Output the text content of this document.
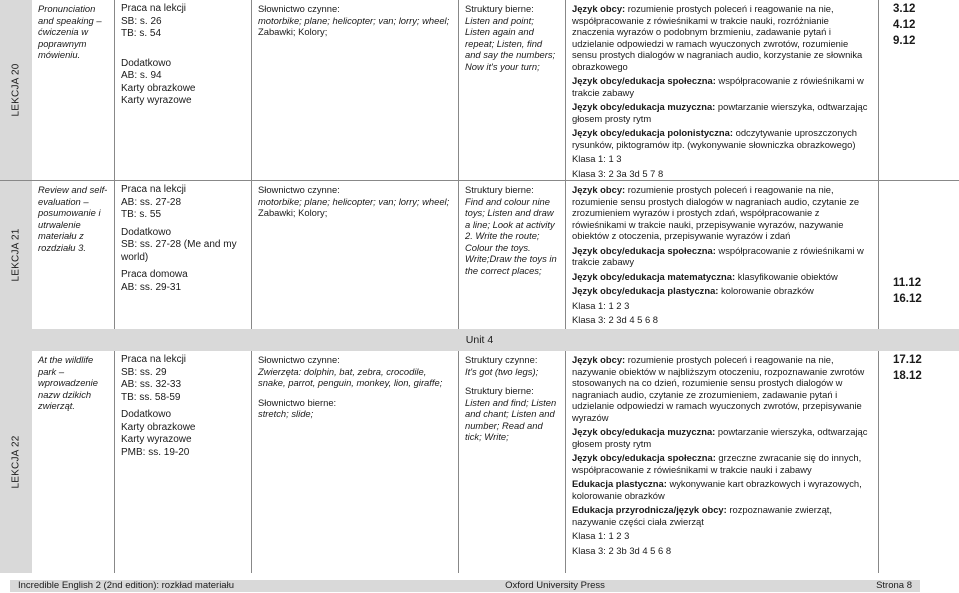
LEKCJA 20
Pronunciation and speaking – ćwiczenia w poprawnym mówieniu.

Praca na lekcji

SB: s. 26

TB: s. 54

Dodatkowo

AB: s. 94

Karty obrazkowe

Karty wyrazowe

Słownictwo czynne:

motorbike; plane; helicopter; van; lorry; wheel;

Zabawki; Kolory;

Struktury bierne:

Listen and point; Listen again and repeat; Listen, find and say the numbers; Now it's your turn;

Język obcy: rozumienie prostych poleceń i reagowanie na nie, współpracowanie z rówieśnikami w trakcie nauki, rozróżnianie znaczenia wyrazów o podobnym brzmieniu, zadawanie pytań i udzielanie odpowiedzi w ramach wyuczonych zwrotów, rozumienie sensu prostych dialogów w nagraniach audio, korzystanie ze słownika obrazkowego

Język obcy/edukacja społeczna: współpracowanie z rówieśnikami w trakcie zabawy

Język obcy/edukacja muzyczna: powtarzanie wierszyka, odtwarzając głosem prosty rytm

Język obcy/edukacja polonistyczna: odczytywanie uproszczonych rysunków, piktogramów itp. (wykonywanie słowniczka obrazkowego)

Klasa 1: 1 3

Klasa 3: 2 3a 3d 5 7 8

3.12

4.12

9.12

LEKCJA 21
Review and self-evaluation – posumowanie i utrwalenie materiału z rozdziału 3.

Praca na lekcji

AB: ss. 27-28

TB: s. 55

Dodatkowo

SB: ss. 27-28 (Me and my world)

Praca domowa

AB: ss. 29-31

Słownictwo czynne:

motorbike; plane; helicopter; van; lorry; wheel;

Zabawki; Kolory;

Struktury bierne:

Find and colour nine toys; Listen and draw a line; Look at activity 2. Write the route; Colour the toys. Write;Draw the toys in the correct places;

Język obcy: rozumienie prostych poleceń i reagowanie na nie, rozumienie sensu prostych dialogów w nagraniach audio, czytanie ze zrozumieniem wyrazów i prostych zdań, współpracowanie z rówieśnikami w trakcie nauki, przepisywanie wyrazów, nazywanie obiektów z otoczenia, przepisywanie wyrazów i zdań

Język obcy/edukacja społeczna: współpracowanie z rówieśnikami w trakcie zabawy

Język obcy/edukacja matematyczna: klasyfikowanie obiektów

Język obcy/edukacja plastyczna: kolorowanie obrazków

Klasa 1: 1 2 3

Klasa 3: 2 3d 4 5 6 8

11.12

16.12

Unit 4
LEKCJA 22
At the wildlife park – wprowadzenie nazw dzikich zwierząt.

Praca na lekcji

SB: ss. 29

AB: ss. 32-33

TB: ss. 58-59

Dodatkowo

Karty obrazkowe

Karty wyrazowe

PMB: ss. 19-20

Słownictwo czynne:

Zwierzęta: dolphin, bat, zebra, crocodile, snake, parrot, penguin, monkey, lion, giraffe;

Słownictwo bierne:

stretch; slide;

Struktury czynne:

It's got (two legs);

Struktury bierne:

Listen and find; Listen and chant; Listen and number; Read and tick; Write;

Język obcy: rozumienie prostych poleceń i reagowanie na nie, nazywanie obiektów w najbliższym otoczeniu, rozpoznawanie zwrotów stosowanych na co dzień, rozumienie sensu prostych dialogów w nagraniach audio, czytanie ze zrozumieniem, zadawanie pytań i udzielanie odpowiedzi w ramach wyuczonych zwrotów, przepisywanie wyrazów

Język obcy/edukacja muzyczna: powtarzanie wierszyka, odtwarzając głosem prosty rytm

Język obcy/edukacja społeczna: grzeczne zwracanie się do innych, współpracowanie z rówieśnikami w trakcie nauki i zabawy

Edukacja plastyczna: wykonywanie kart obrazkowych i wyrazowych, kolorowanie obrazków

Edukacja przyrodnicza/język obcy: rozpoznawanie zwierząt, nazywanie części ciała zwierząt

Klasa 1: 1 2 3

Klasa 3: 2 3b 3d 4 5 6 8

17.12

18.12

Incredible English 2 (2nd edition): rozkład materiału	Oxford University Press	Strona 8
